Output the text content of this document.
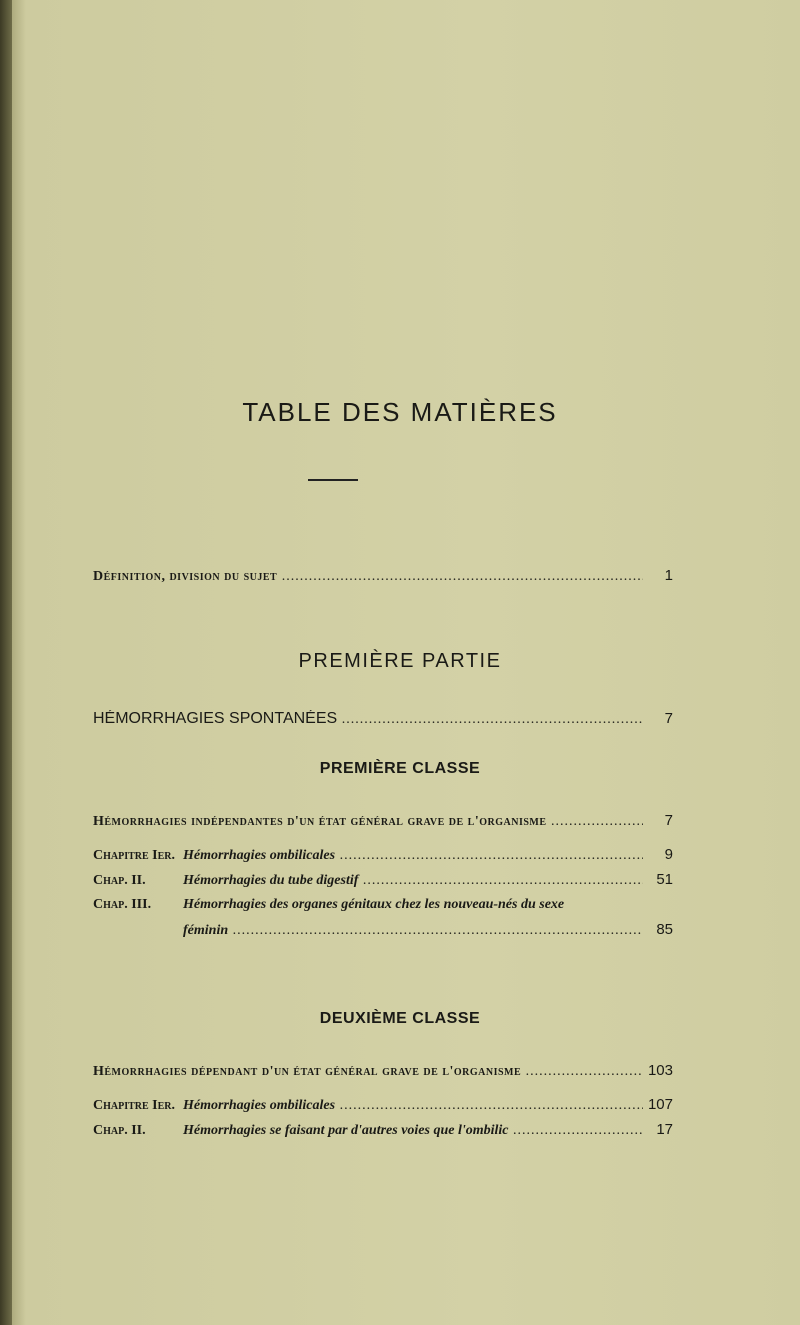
TABLE DES MATIÈRES
Définition, division du sujet .....	1
PREMIÈRE PARTIE
HÉMORRHAGIES SPONTANÉES .....	7
PREMIÈRE CLASSE
Hémorrhagies indépendantes d'un état général grave de l'organisme .....	7
Chapitre Ier. Hémorrhagies ombilicales .....	9
Chap. II.	Hémorrhagies du tube digestif .....	51
Chap. III.	Hémorrhagies des organes génitaux chez les nouveau-nés du sexe
féminin .....	85
DEUXIÈME CLASSE
Hémorrhagies dépendant d'un état général grave de l'organisme .....	103
Chapitre Ier. Hémorrhagies ombilicales .....	107
Chap. II.	Hémorrhagies se faisant par d'autres voies que l'ombilic .....	17
